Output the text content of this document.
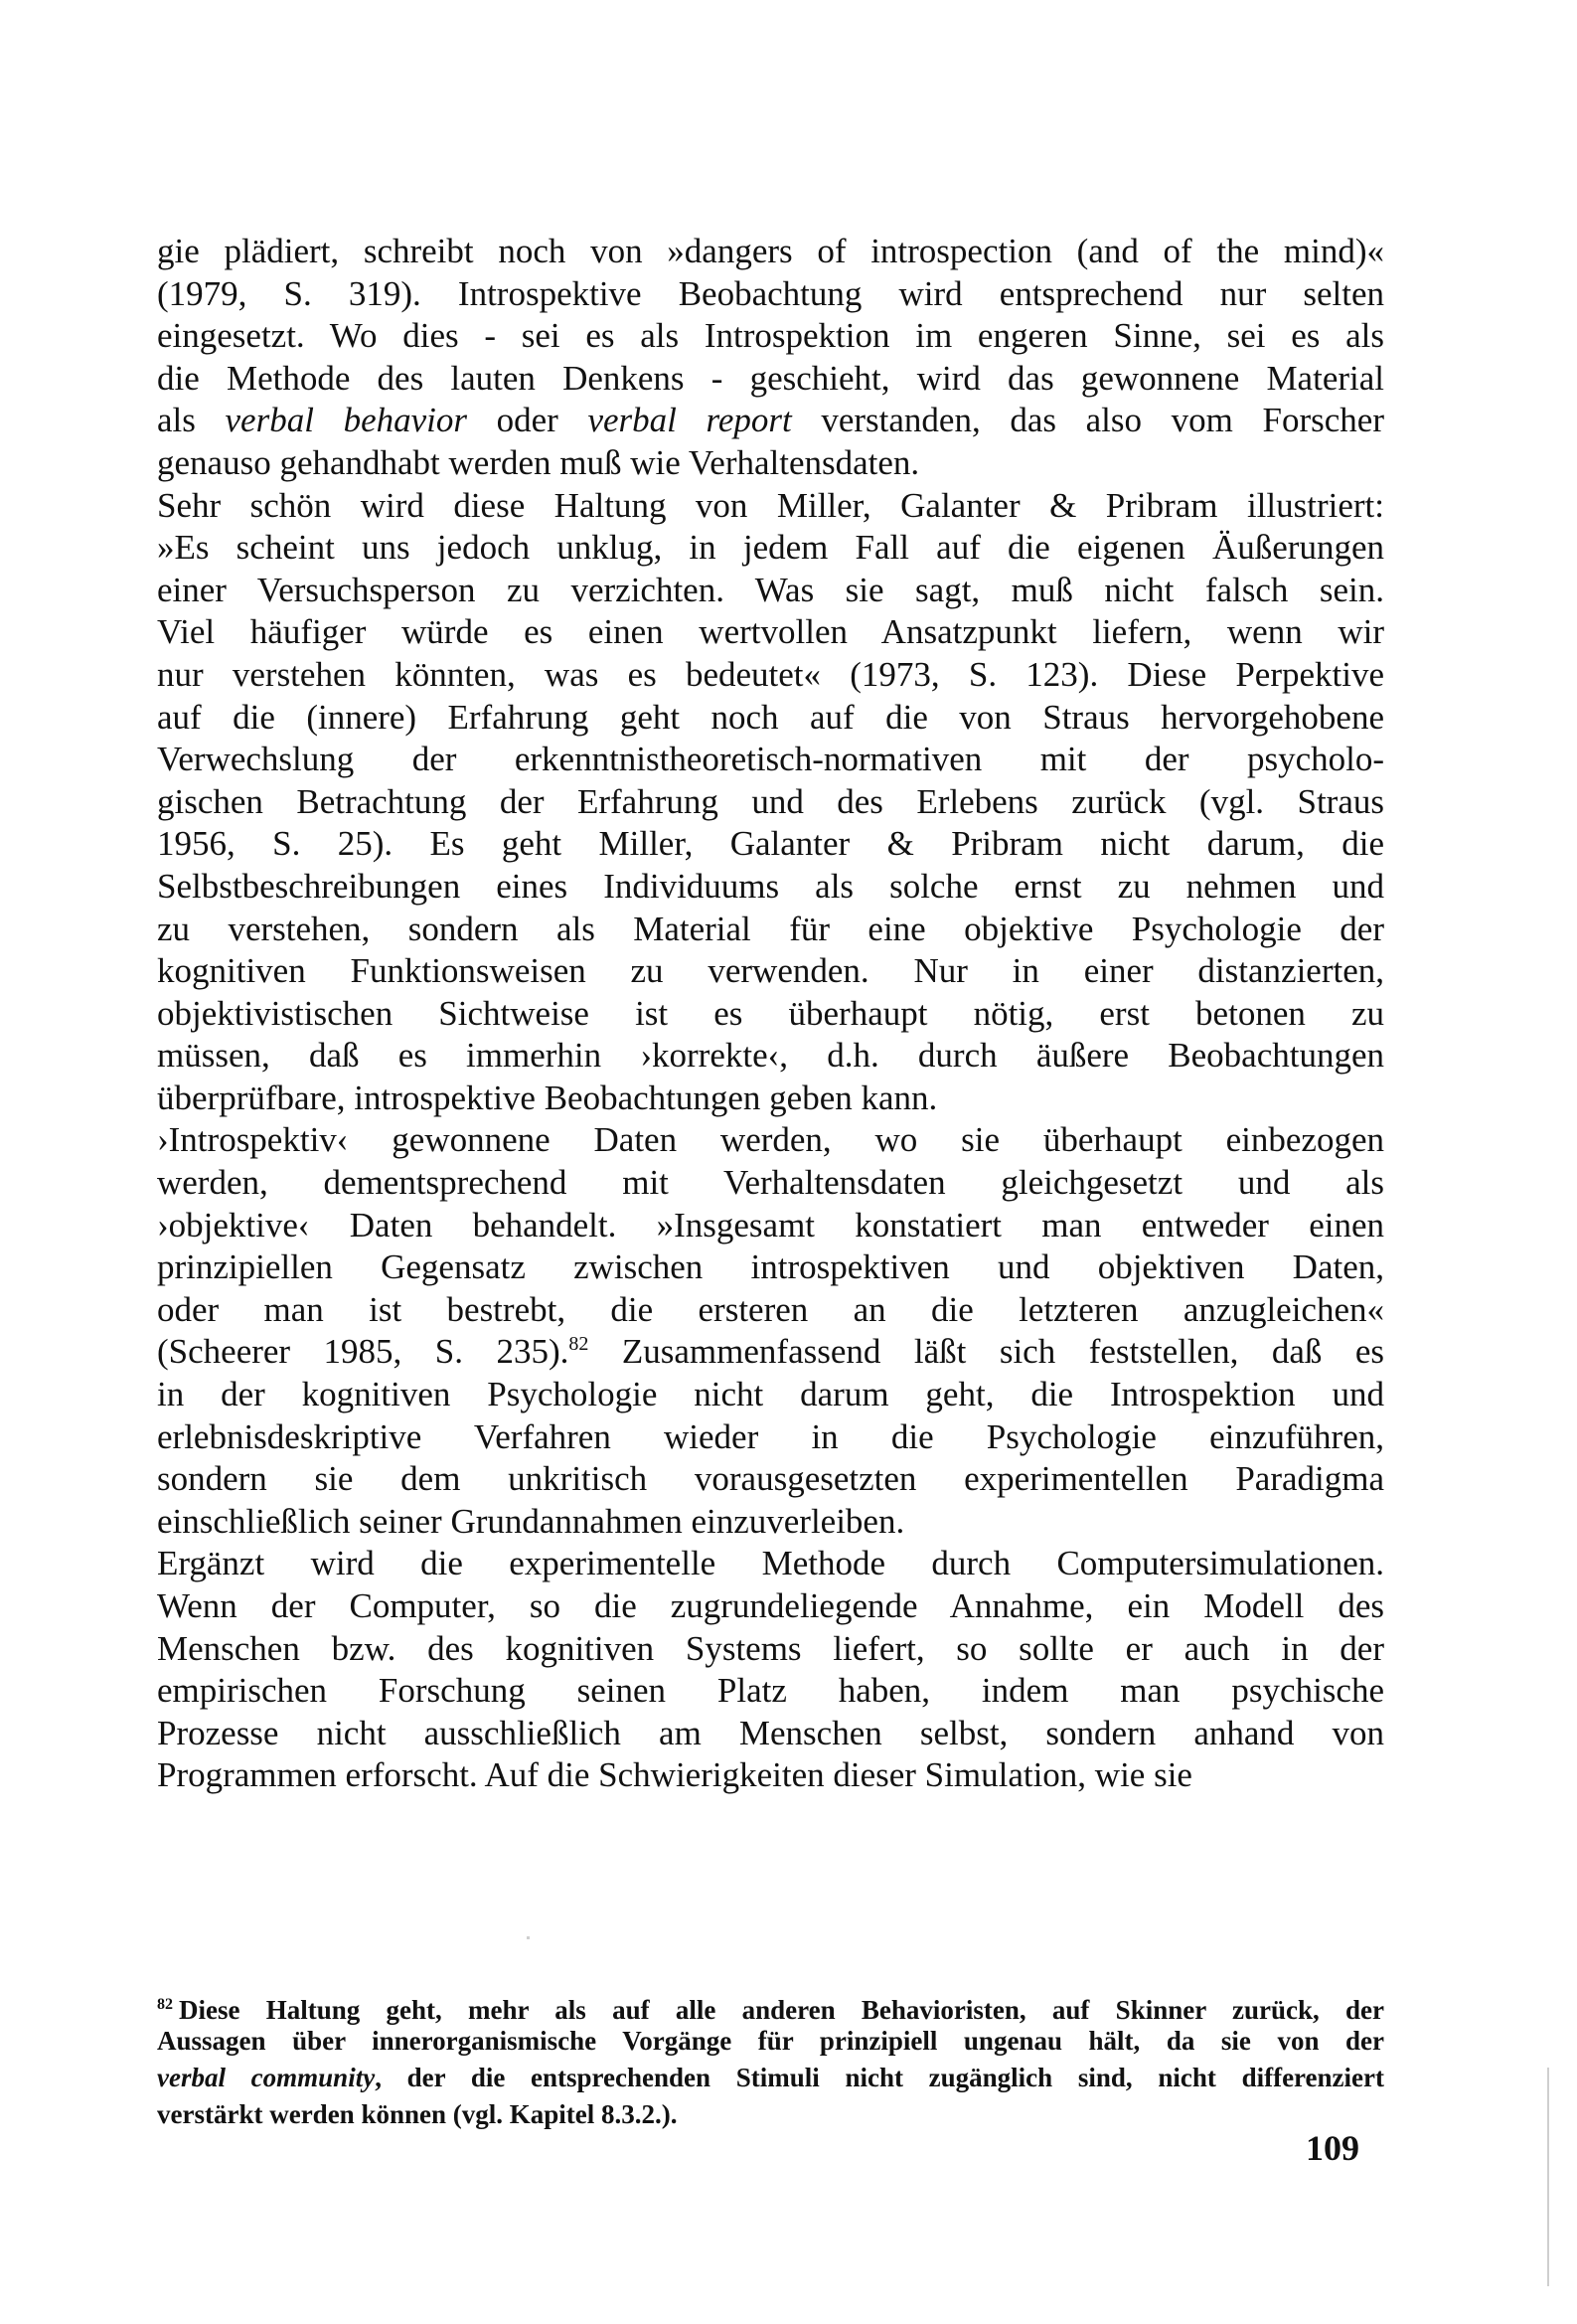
gie plädiert, schreibt noch von »dangers of introspection (and of the mind)«
(1979, S. 319). Introspektive Beobachtung wird entsprechend nur selten
eingesetzt. Wo dies - sei es als Introspektion im engeren Sinne, sei es als
die Methode des lauten Denkens - geschieht, wird das gewonnene Material
als verbal behavior oder verbal report verstanden, das also vom Forscher
genauso gehandhabt werden muß wie Verhaltensdaten.
Sehr schön wird diese Haltung von Miller, Galanter & Pribram illustriert:
»Es scheint uns jedoch unklug, in jedem Fall auf die eigenen Äußerungen
einer Versuchsperson zu verzichten. Was sie sagt, muß nicht falsch sein.
Viel häufiger würde es einen wertvollen Ansatzpunkt liefern, wenn wir
nur verstehen könnten, was es bedeutet« (1973, S. 123). Diese Perpektive
auf die (innere) Erfahrung geht noch auf die von Straus hervorgehobene
Verwechslung der erkenntnistheoretisch-normativen mit der psycholo-
gischen Betrachtung der Erfahrung und des Erlebens zurück (vgl. Straus
1956, S. 25). Es geht Miller, Galanter & Pribram nicht darum, die
Selbstbeschreibungen eines Individuums als solche ernst zu nehmen und
zu verstehen, sondern als Material für eine objektive Psychologie der
kognitiven Funktionsweisen zu verwenden. Nur in einer distanzierten,
objektivistischen Sichtweise ist es überhaupt nötig, erst betonen zu
müssen, daß es immerhin ›korrekte‹, d.h. durch äußere Beobachtungen
überprüfbare, introspektive Beobachtungen geben kann.
›Introspektiv‹ gewonnene Daten werden, wo sie überhaupt einbezogen
werden, dementsprechend mit Verhaltensdaten gleichgesetzt und als
›objektive‹ Daten behandelt. »Insgesamt konstatiert man entweder einen
prinzipiellen Gegensatz zwischen introspektiven und objektiven Daten,
oder man ist bestrebt, die ersteren an die letzteren anzugleichen«
(Scheerer 1985, S. 235).$^{82}$ Zusammenfassend läßt sich feststellen, daß es
in der kognitiven Psychologie nicht darum geht, die Introspektion und
erlebnisdeskriptive Verfahren wieder in die Psychologie einzuführen,
sondern sie dem unkritisch vorausgesetzten experimentellen Paradigma
einschließlich seiner Grundannahmen einzuverleiben.
Ergänzt wird die experimentelle Methode durch Computersimulationen.
Wenn der Computer, so die zugrundeliegende Annahme, ein Modell des
Menschen bzw. des kognitiven Systems liefert, so sollte er auch in der
empirischen Forschung seinen Platz haben, indem man psychische
Prozesse nicht ausschließlich am Menschen selbst, sondern anhand von
Programmen erforscht. Auf die Schwierigkeiten dieser Simulation, wie sie
$^{82}$ Diese Haltung geht, mehr als auf alle anderen Behavioristen, auf Skinner zurück, der
Aussagen über innerorganismische Vorgänge für prinzipiell ungenau hält, da sie von der
verbal community, der die entsprechenden Stimuli nicht zugänglich sind, nicht differenziert
verstärkt werden können (vgl. Kapitel 8.3.2.).
109
